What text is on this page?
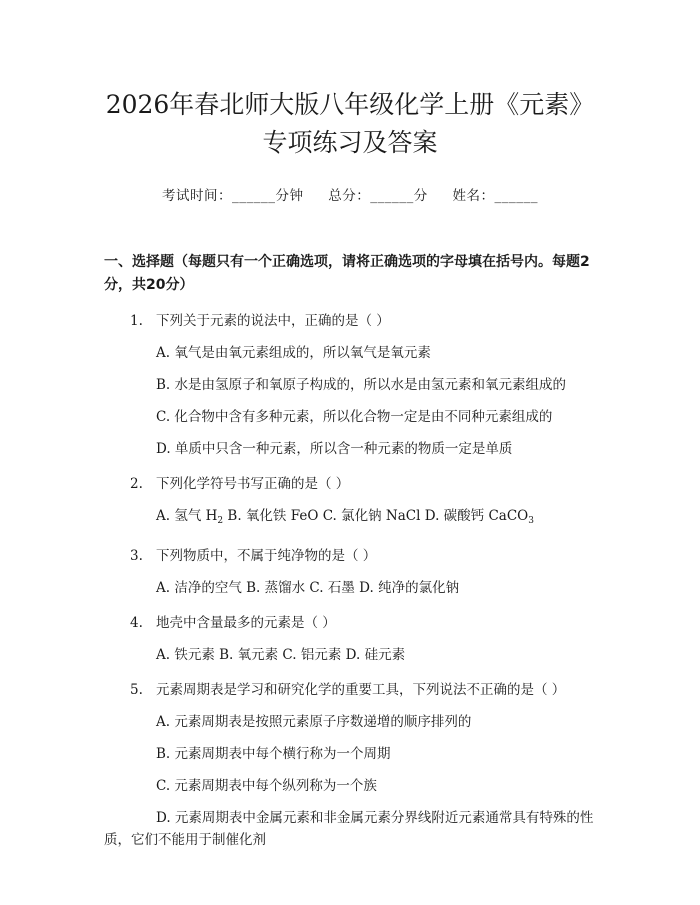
2026年春北师大版八年级化学上册《元素》
专项练习及答案
考试时间：______分钟 总分：______分 姓名：______
一、选择题（每题只有一个正确选项，请将正确选项的字母填在括号内。每题2分，共20分）
1. 下列关于元素的说法中，正确的是（ ）
A. 氧气是由氧元素组成的，所以氧气是氧元素
B. 水是由氢原子和氧原子构成的，所以水是由氢元素和氧元素组成的
C. 化合物中含有多种元素，所以化合物一定是由不同种元素组成的
D. 单质中只含一种元素，所以含一种元素的物质一定是单质
2. 下列化学符号书写正确的是（ ）
A. 氢气 $H_2$ B. 氧化铁 FeO C. 氯化钠 NaCl D. 碳酸钙 CaCO$_3$
3. 下列物质中，不属于纯净物的是（ ）
A. 洁净的空气 B. 蒸馏水 C. 石墨 D. 纯净的氯化钠
4. 地壳中含量最多的元素是（ ）
A. 铁元素 B. 氧元素 C. 铝元素 D. 硅元素
5. 元素周期表是学习和研究化学的重要工具，下列说法不正确的是（ ）
A. 元素周期表是按照元素原子序数递增的顺序排列的
B. 元素周期表中每个横行称为一个周期
C. 元素周期表中每个纵列称为一个族
D. 元素周期表中金属元素和非金属元素分界线附近元素通常具有特殊的性质，它们不能用于制催化剂
